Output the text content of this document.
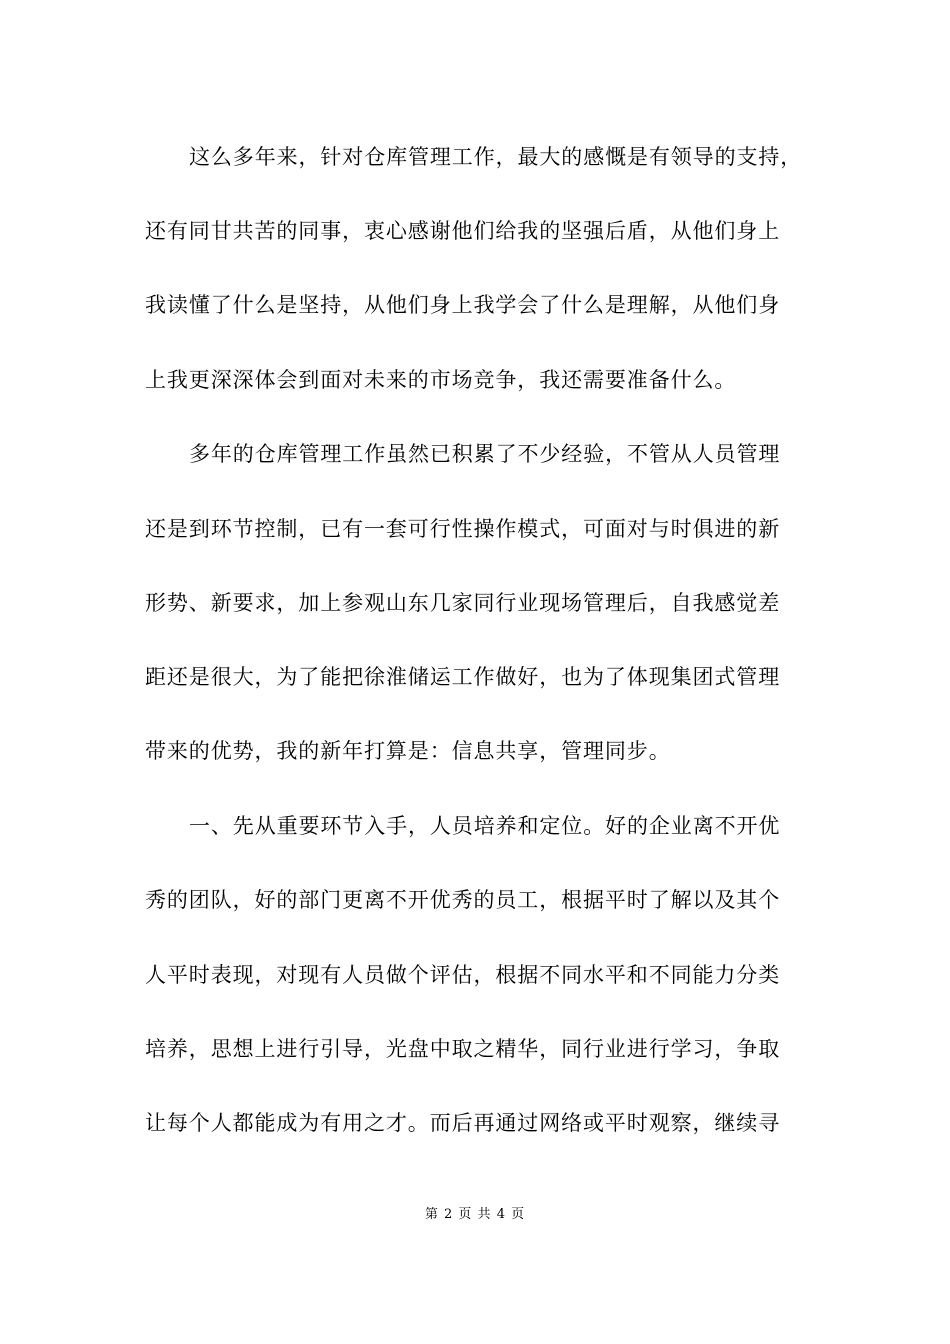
这么多年来，针对仓库管理工作，最大的感慨是有领导的支持，
还有同甘共苦的同事，衷心感谢他们给我的坚强后盾，从他们身上
我读懂了什么是坚持，从他们身上我学会了什么是理解，从他们身
上我更深深体会到面对未来的市场竞争，我还需要准备什么。
多年的仓库管理工作虽然已积累了不少经验，不管从人员管理
还是到环节控制，已有一套可行性操作模式，可面对与时俱进的新
形势、新要求，加上参观山东几家同行业现场管理后，自我感觉差
距还是很大，为了能把徐淮储运工作做好，也为了体现集团式管理
带来的优势，我的新年打算是：信息共享，管理同步。
一、先从重要环节入手，人员培养和定位。好的企业离不开优
秀的团队，好的部门更离不开优秀的员工，根据平时了解以及其个
人平时表现，对现有人员做个评估，根据不同水平和不同能力分类
培养，思想上进行引导，光盘中取之精华，同行业进行学习，争取
让每个人都能成为有用之才。而后再通过网络或平时观察，继续寻
第 2 页 共 4 页
